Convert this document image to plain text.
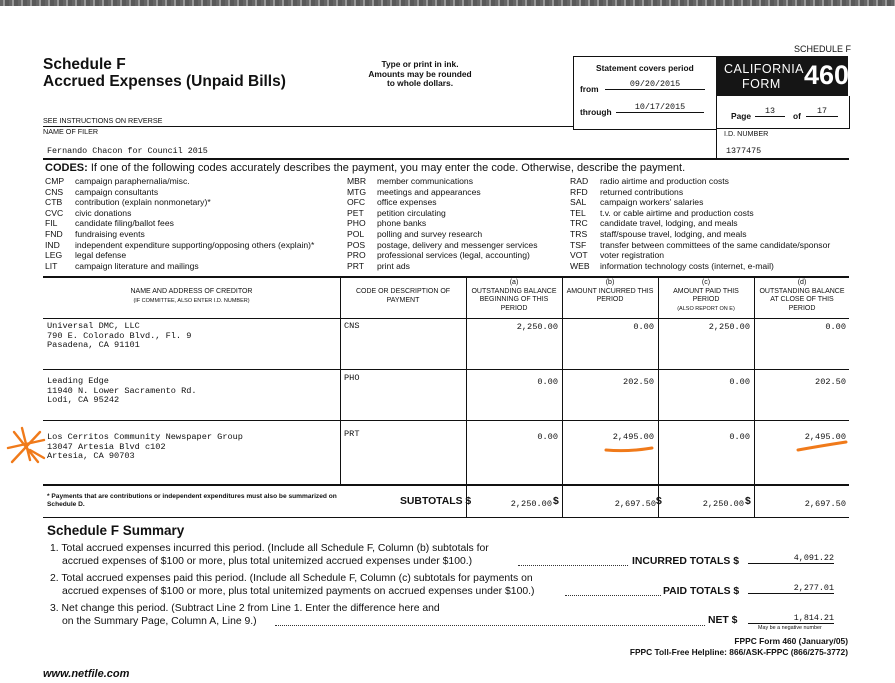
SCHEDULE F
Schedule F
Accrued Expenses (Unpaid Bills)
Type or print in ink.
Amounts may be rounded
to whole dollars.
Statement covers period
from	09/20/2015
through	10/17/2015
CALIFORNIA
FORM 460
Page	13	of	17
SEE INSTRUCTIONS ON REVERSE
NAME OF FILER
Fernando Chacon for Council 2015
I.D. NUMBER
1377475
CODES: If one of the following codes accurately describes the payment, you may enter the code. Otherwise, describe the payment.
CMP campaign paraphernalia/misc.
CNS campaign consultants
CTB contribution (explain nonmonetary)*
CVC civic donations
FIL candidate filing/ballot fees
FND fundraising events
IND independent expenditure supporting/opposing others (explain)*
LEG legal defense
LIT campaign literature and mailings
MBR member communications
MTG meetings and appearances
OFC office expenses
PET petition circulating
PHO phone banks
POL polling and survey research
POS postage, delivery and messenger services
PRO professional services (legal, accounting)
PRT print ads
RAD radio airtime and production costs
RFD returned contributions
SAL campaign workers' salaries
TEL t.v. or cable airtime and production costs
TRC candidate travel, lodging, and meals
TRS staff/spouse travel, lodging, and meals
TSF transfer between committees of the same candidate/sponsor
VOT voter registration
WEB information technology costs (internet, e-mail)
NAME AND ADDRESS OF CREDITOR
(IF COMMITTEE, ALSO ENTER I.D. NUMBER)
CODE OR DESCRIPTION OF PAYMENT
(a)
OUTSTANDING BALANCE BEGINNING OF THIS PERIOD
(b)
AMOUNT INCURRED THIS PERIOD
(c)
AMOUNT PAID THIS PERIOD
(ALSO REPORT ON E)
(d)
OUTSTANDING BALANCE AT CLOSE OF THIS PERIOD
Universal DMC, LLC
790 E. Colorado Blvd., Fl. 9
Pasadena, CA 91101
CNS	2,250.00	0.00	2,250.00	0.00
Leading Edge
11940 N. Lower Sacramento Rd.
Lodi, CA 95242
PHO	0.00	202.50	0.00	202.50
Los Cerritos Community Newspaper Group
13047 Artesia Blvd c102
Artesia, CA 90703
PRT	0.00	2,495.00	0.00	2,495.00
* Payments that are contributions or independent expenditures must also be summarized on Schedule D.	SUBTOTALS $	2,250.00 $	2,697.50 $	2,250.00 $	2,697.50
Schedule F Summary
1. Total accrued expenses incurred this period. (Include all Schedule F, Column (b) subtotals for
accrued expenses of $100 or more, plus total unitemized accrued expenses under $100.)	INCURRED TOTALS $	4,091.22
2. Total accrued expenses paid this period. (Include all Schedule F, Column (c) subtotals for payments on
accrued expenses of $100 or more, plus total unitemized payments on accrued expenses under $100.)	PAID TOTALS $	2,277.01
3. Net change this period. (Subtract Line 2 from Line 1. Enter the difference here and
on the Summary Page, Column A, Line 9.)	NET $	1,814.21
May be a negative number
FPPC Form 460 (January/05)
FPPC Toll-Free Helpline: 866/ASK-FPPC (866/275-3772)
www.netfile.com
